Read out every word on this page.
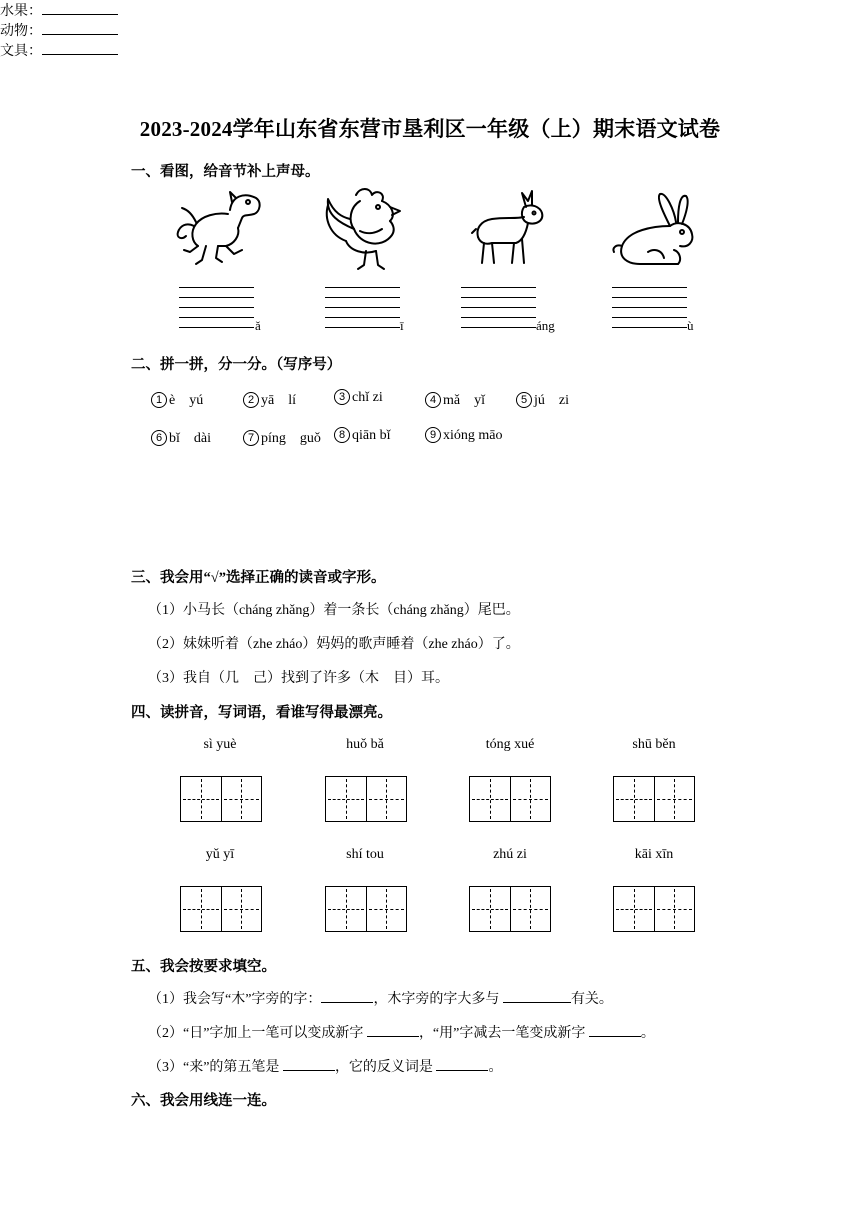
2023-2024学年山东省东营市垦利区一年级（上）期末语文试卷
一、看图，给音节补上声母。
ǎ	ī	áng	ù
二、拼一拼，分一分。（写序号）
1 è　yú	2 yā　lí	3 chǐ zi	4 mǎ　yǐ	5 jú　zi
6 bǐ　dài	7 píng　guǒ	8 qiān bǐ	9 xióng māo
水果：
动物：
文具：
三、我会用“√”选择正确的读音或字形。
（1）小马长（cháng zhǎng）着一条长（cháng zhǎng）尾巴。
（2）妹妹听着（zhe zháo）妈妈的歌声睡着（zhe zháo）了。
（3）我自（几　己）找到了许多（木　目）耳。
四、读拼音，写词语，看谁写得最漂亮。
sì yuè	huǒ bǎ	tóng xué	shū běn
yǔ yī	shí tou	zhú zi	kāi xīn
五、我会按要求填空。
（1）我会写“木”字旁的字：	，木字旁的字大多与	有关。
（2）“日”字加上一笔可以变成新字	，“用”字减去一笔变成新字	。
（3）“来”的第五笔是	，它的反义词是	。
六、我会用线连一连。
